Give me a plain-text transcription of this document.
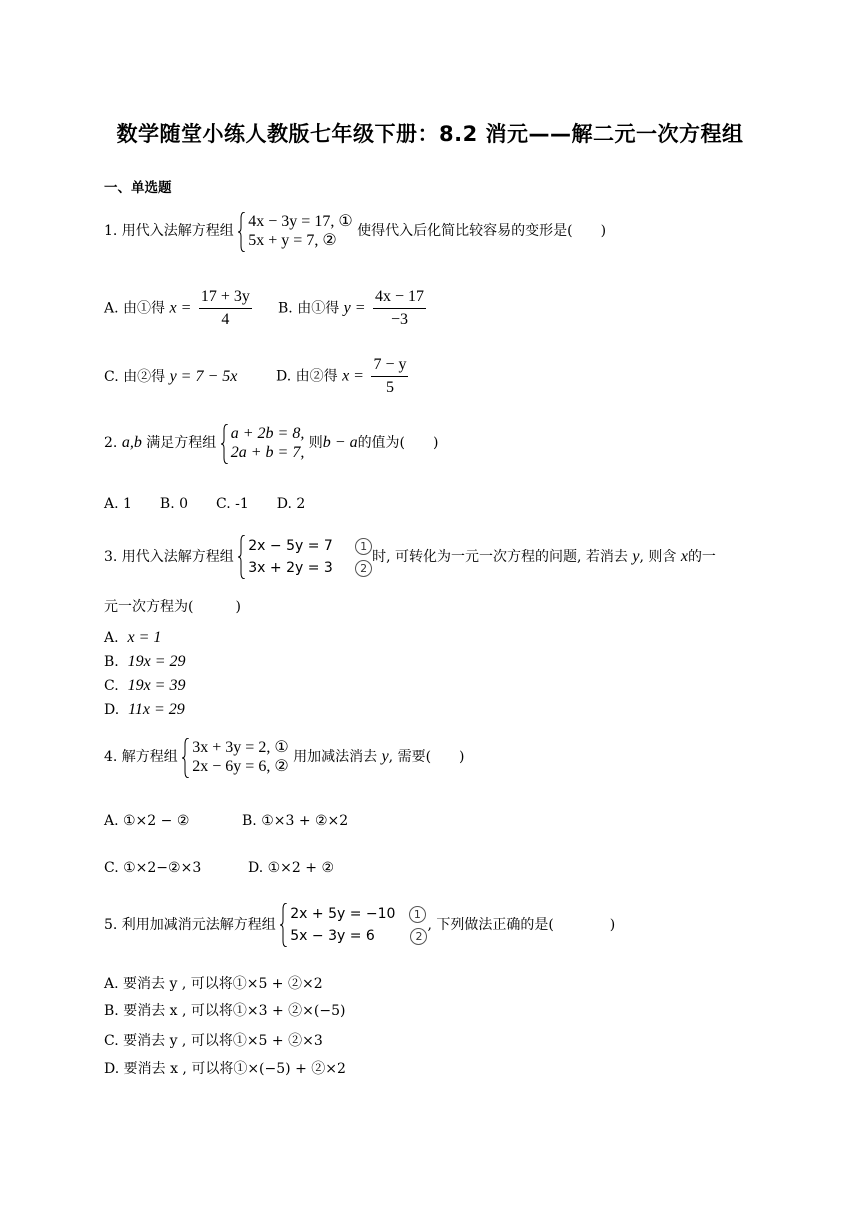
数学随堂小练人教版七年级下册：8.2 消元——解二元一次方程组
一、单选题
1. 用代入法解方程组
4x − 3y = 17, ①
5x + y = 7, ②
使得代入后化简比较容易的变形是(　　)
A. 由①得 $x = \frac{17 + 3y}{4} B$. 由①得 $y = \frac{4x - 17}{-3}$
C. 由②得 y = 7 − 5x	D. 由②得 $x = \frac{7 - y}{5}$
2. a,b 满足方程组
a + 2b = 8,
2a + b = 7,
则b − a的值为(　　)
A. 1　　B. 0　　C. -1　　D. 2
3. 用代入法解方程组
2x − 5y = 7 1
3x + 2y = 3 2
时, 可转化为一元一次方程的问题, 若消去 y, 则含 x的一
元一次方程为(　　　)
A. x = 1
B. 19x = 29
C. 19x = 39
D. 11x = 29
4. 解方程组
3x + 3y = 2, ①
2x − 6y = 6, ②
用加减法消去 y, 需要(　　)
A. ①×2 − ②	B. ①×3 + ②×2
C. ①×2−②×3	D. ①×2 + ②
5. 利用加减消元法解方程组
2x + 5y = −10 1
5x − 3y = 6	2
, 下列做法正确的是(　　　　)
A. 要消去 y , 可以将①×5 + ②×2
B. 要消去 x , 可以将①×3 + ②×(−5)
C. 要消去 y , 可以将①×5 + ②×3
D. 要消去 x , 可以将①×(−5) + ②×2
